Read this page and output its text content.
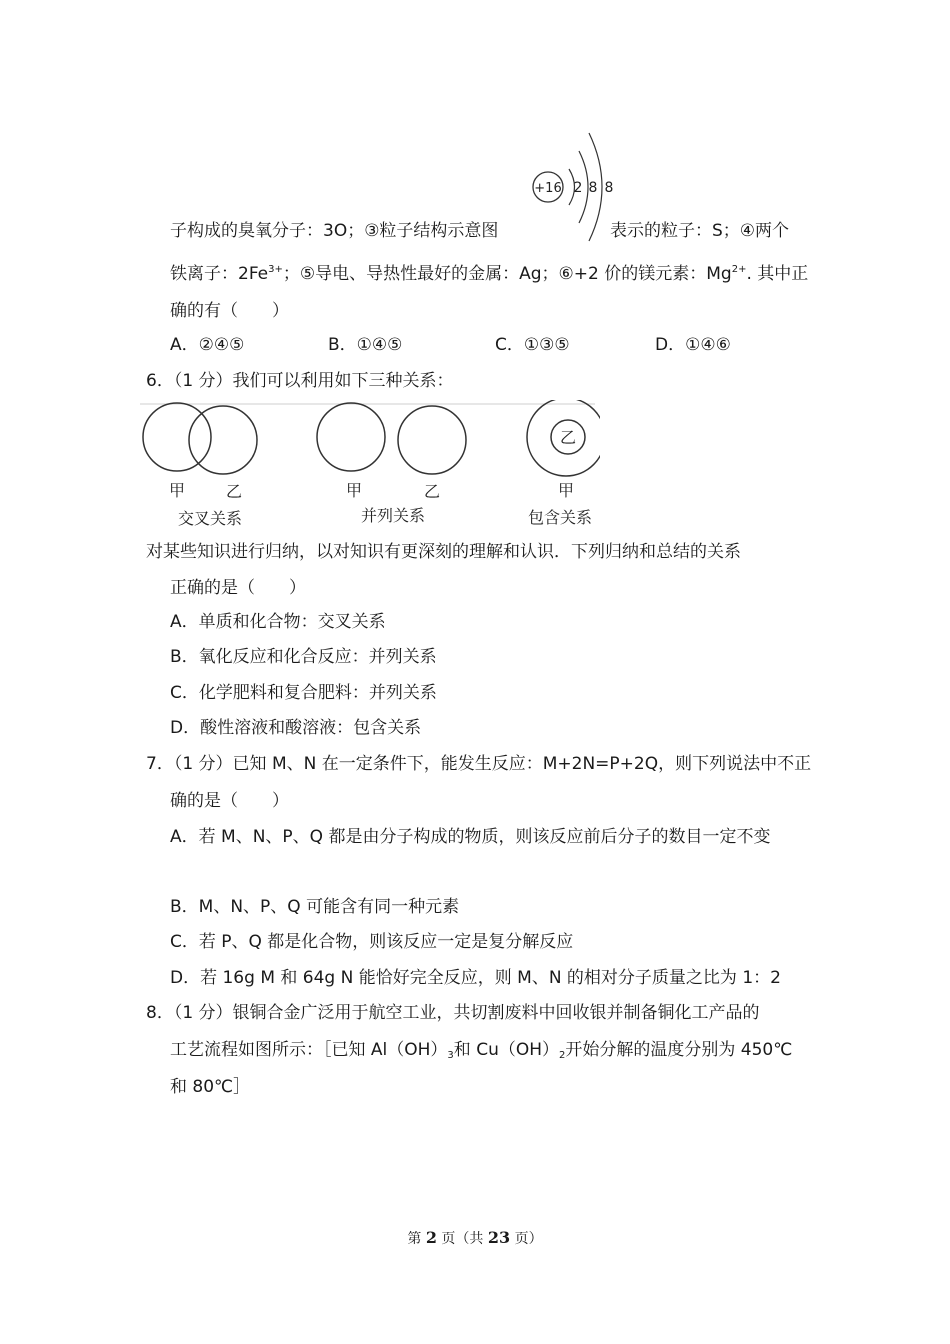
+16 2 8 8
子构成的臭氧分子：3O；③粒子结构示意图	表示的粒子：S；④两个
铁离子：$2Fe^{3+}$；⑤导电、导热性最好的金属：Ag；⑥+2 价的镁元素：$Mg^{2+}$. 其中正
确的有（　　）
A．②④⑤	B．①④⑤	C．①③⑤	D．①④⑥
6．（1 分）我们可以利用如下三种关系：
甲	乙
交叉关系
甲	乙
并列关系
乙
甲
包含关系
对某些知识进行归纳，以对知识有更深刻的理解和认识．下列归纳和总结的关系
正确的是（　　）
A．单质和化合物：交叉关系
B．氧化反应和化合反应：并列关系
C．化学肥料和复合肥料：并列关系
D．酸性溶液和酸溶液：包含关系
7．（1 分）已知 M、N 在一定条件下，能发生反应：M+2N=P+2Q，则下列说法中不正
确的是（　　）
A．若 M、N、P、Q 都是由分子构成的物质，则该反应前后分子的数目一定不变
B．M、N、P、Q 可能含有同一种元素
C．若 P、Q 都是化合物，则该反应一定是复分解反应
D．若 16g M 和 64g N 能恰好完全反应，则 M、N 的相对分子质量之比为 1：2
8．（1 分）银铜合金广泛用于航空工业，共切割废料中回收银并制备铜化工产品的
工艺流程如图所示：［已知 $Al(OH)_3$和 $Cu(OH)_2$开始分解的温度分别为 450℃
和 80℃］
第 2 页（共 23 页）
